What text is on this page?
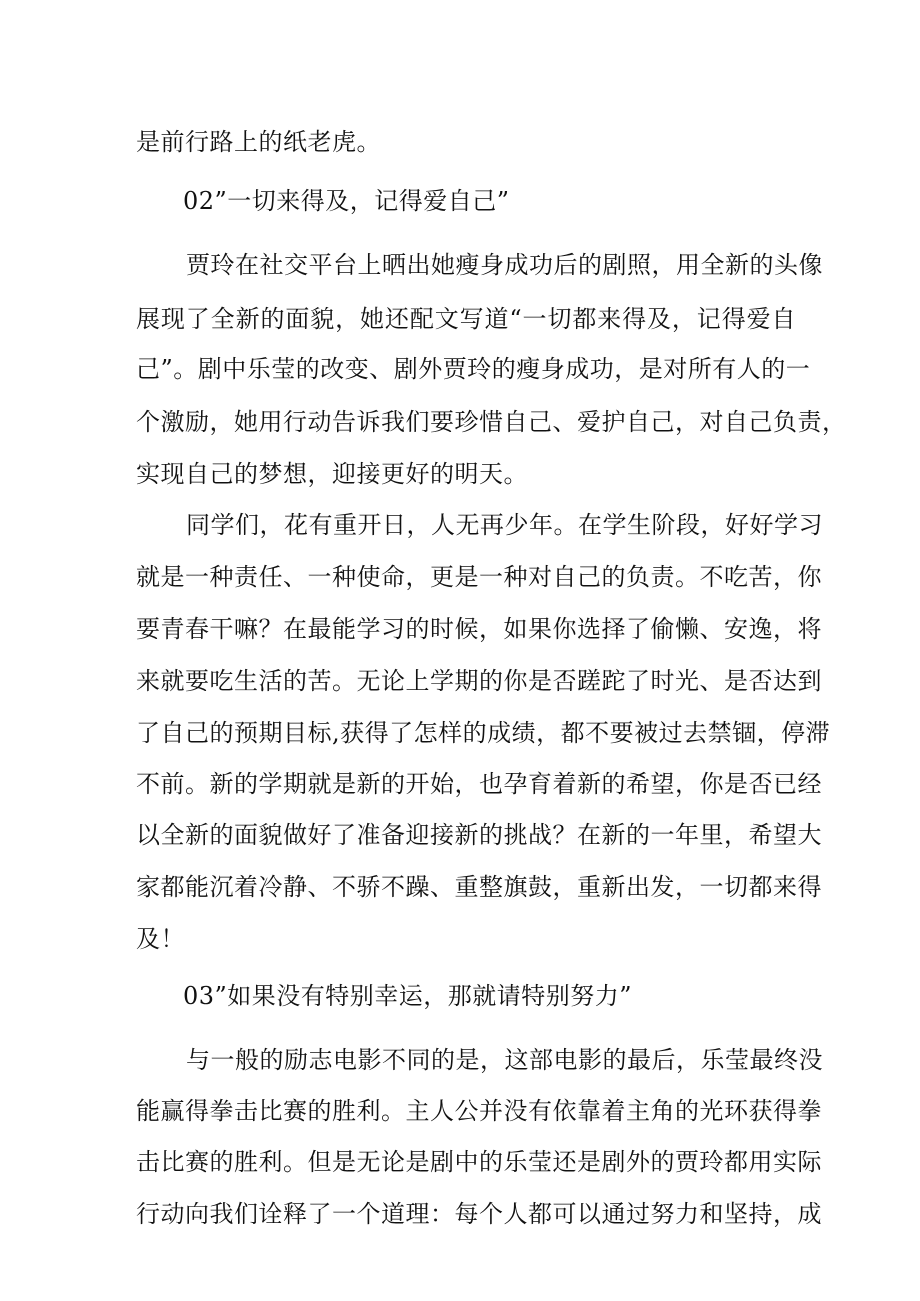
是前行路上的纸老虎。
02”一切来得及，记得爱自己”
贾玲在社交平台上晒出她瘦身成功后的剧照，用全新的头像
展现了全新的面貌，她还配文写道“一切都来得及，记得爱自
己”。剧中乐莹的改变、剧外贾玲的瘦身成功，是对所有人的一
个激励，她用行动告诉我们要珍惜自己、爱护自己，对自己负责，
实现自己的梦想，迎接更好的明天。
同学们，花有重开日，人无再少年。在学生阶段，好好学习
就是一种责任、一种使命，更是一种对自己的负责。不吃苦，你
要青春干嘛？在最能学习的时候，如果你选择了偷懒、安逸，将
来就要吃生活的苦。无论上学期的你是否蹉跎了时光、是否达到
了自己的预期目标,获得了怎样的成绩，都不要被过去禁锢，停滞
不前。新的学期就是新的开始，也孕育着新的希望，你是否已经
以全新的面貌做好了准备迎接新的挑战？在新的一年里，希望大
家都能沉着冷静、不骄不躁、重整旗鼓，重新出发，一切都来得
及！
03”如果没有特别幸运，那就请特别努力”
与一般的励志电影不同的是，这部电影的最后，乐莹最终没
能赢得拳击比赛的胜利。主人公并没有依靠着主角的光环获得拳
击比赛的胜利。但是无论是剧中的乐莹还是剧外的贾玲都用实际
行动向我们诠释了一个道理：每个人都可以通过努力和坚持，成
